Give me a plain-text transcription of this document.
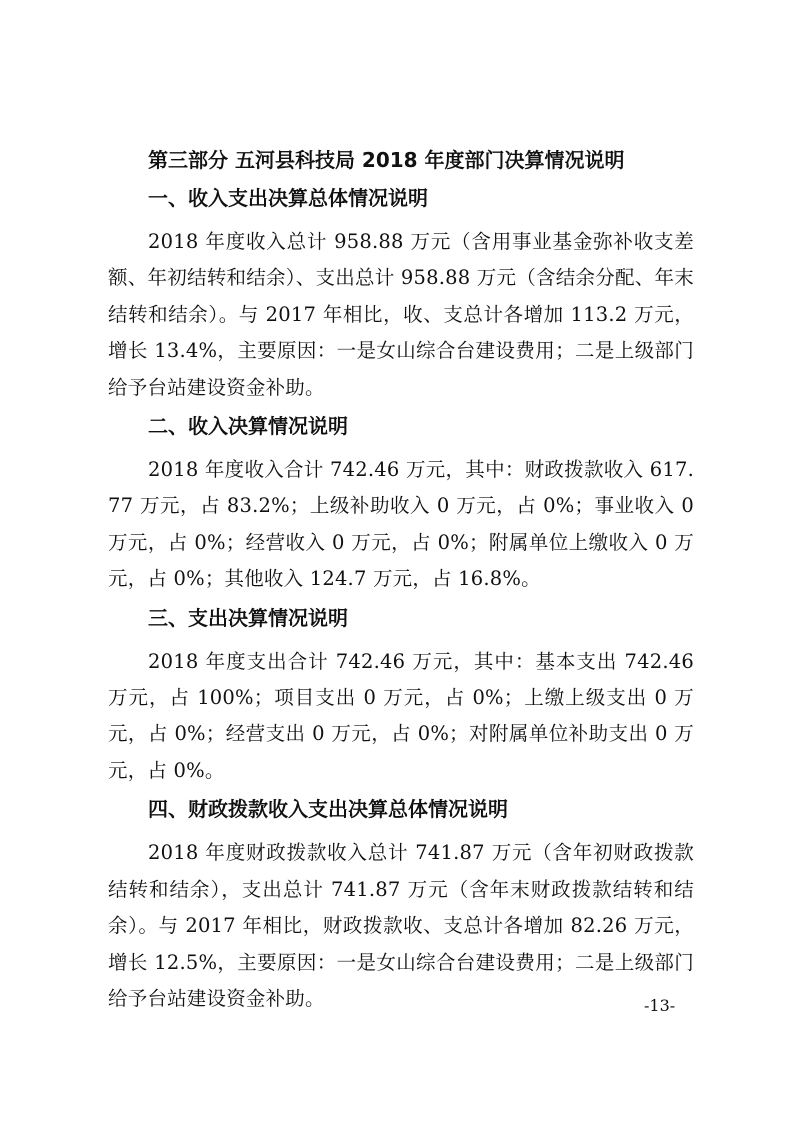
第三部分 五河县科技局 2018 年度部门决算情况说明
一、收入支出决算总体情况说明

2018 年度收入总计 958.88 万元（含用事业基金弥补收支差额、年初结转和结余）、支出总计 958.88 万元（含结余分配、年末结转和结余）。与 2017 年相比，收、支总计各增加 113.2 万元，增长 13.4%，主要原因：一是女山综合台建设费用；二是上级部门给予台站建设资金补助。

二、收入决算情况说明

2018 年度收入合计 742.46 万元，其中：财政拨款收入 617.77 万元，占 83.2%；上级补助收入 0 万元，占 0%；事业收入 0 万元，占 0%；经营收入 0 万元，占 0%；附属单位上缴收入 0 万元，占 0%；其他收入 124.7 万元，占 16.8%。

三、支出决算情况说明

2018 年度支出合计 742.46 万元，其中：基本支出 742.46 万元，占 100%；项目支出 0 万元，占 0%；上缴上级支出 0 万元，占 0%；经营支出 0 万元，占 0%；对附属单位补助支出 0 万元，占 0%。

四、财政拨款收入支出决算总体情况说明

2018 年度财政拨款收入总计 741.87 万元（含年初财政拨款结转和结余），支出总计 741.87 万元（含年末财政拨款结转和结余）。与 2017 年相比，财政拨款收、支总计各增加 82.26 万元，增长 12.5%，主要原因：一是女山综合台建设费用；二是上级部门给予台站建设资金补助。	-13-
